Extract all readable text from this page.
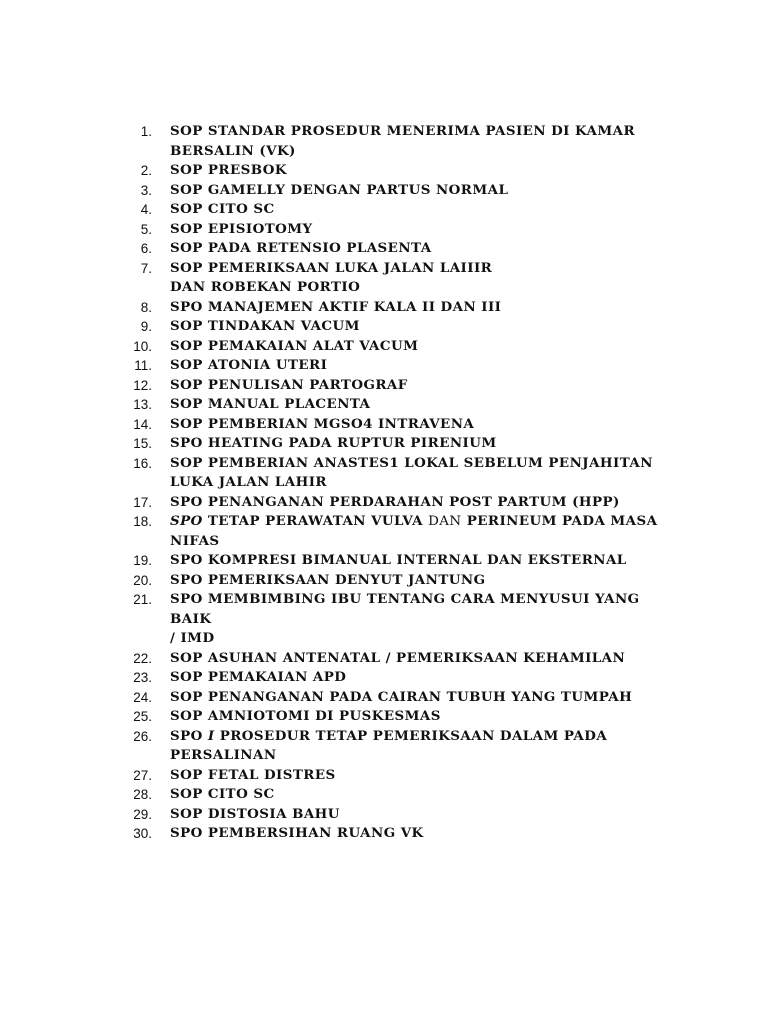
1.	SOP STANDAR PROSEDUR MENERIMA PASIEN DI KAMAR
BERSALIN (VK)
2.	SOP PRESBOK
3.	SOP GAMELLY DENGAN PARTUS NORMAL
4.	SOP CITO SC
5.	SOP EPISIOTOMY
6.	SOP PADA RETENSIO PLASENTA
7.	SOP PEMERIKSAAN LUKA JALAN LAIIIR
DAN ROBEKAN PORTIO
8.	SPO MANAJEMEN AKTIF KALA II DAN III
9.	SOP TINDAKAN VACUM
10.	SOP PEMAKAIAN ALAT VACUM
11.	SOP ATONIA UTERI
12.	SOP PENULISAN PARTOGRAF
13.	SOP MANUAL PLACENTA
14.	SOP PEMBERIAN MGSO4 INTRAVENA
15.	SPO HEATING PADA RUPTUR PIRENIUM
16.	SOP PEMBERIAN ANASTES1 LOKAL SEBELUM PENJAHITAN
LUKA JALAN LAHIR
17.	SPO PENANGANAN PERDARAHAN POST PARTUM (HPP)
18.	SPO TETAP PERAWATAN VULVA DAN PERINEUM PADA MASA
NIFAS
19.	SPO KOMPRESI BIMANUAL INTERNAL DAN EKSTERNAL
20.	SPO PEMERIKSAAN DENYUT JANTUNG
21.	SPO MEMBIMBING IBU TENTANG CARA MENYUSUI YANG BAIK
/ IMD
22.	SOP ASUHAN ANTENATAL / PEMERIKSAAN KEHAMILAN
23.	SOP PEMAKAIAN APD
24.	SOP PENANGANAN PADA CAIRAN TUBUH YANG TUMPAH
25.	SOP AMNIOTOMI DI PUSKESMAS
26.	SPO I PROSEDUR TETAP PEMERIKSAAN DALAM PADA
PERSALINAN
27.	SOP FETAL DISTRES
28.	SOP CITO SC
29.	SOP DISTOSIA BAHU
30.	SPO PEMBERSIHAN RUANG VK
